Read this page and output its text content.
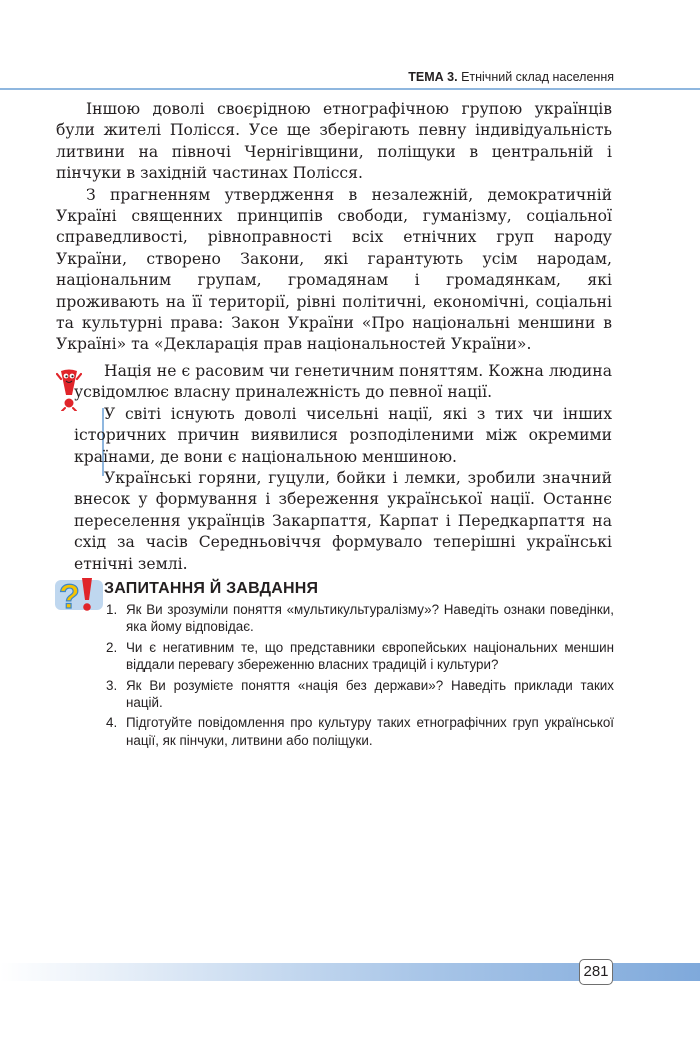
ТЕМА 3. Етнічний склад населення

Іншою доволі своєрідною етнографічною групою українців були жителі Полісся. Усе ще зберігають певну індивідуальність литвини на півночі Чернігівщини, поліщуки в центральній і пінчуки в західній частинах Полісся.

З прагненням утвердження в незалежній, демократичній Україні священних принципів свободи, гуманізму, соціальної справедливості, рівноправності всіх етнічних груп народу України, створено Закони, які гарантують усім народам, національним групам, громадянам і громадянкам, які проживають на її території, рівні політичні, економічні, соціальні та культурні права: Закон України «Про національні меншини в Україні» та «Декларація прав національностей України».

Нація не є расовим чи генетичним поняттям. Кожна людина усвідомлює власну приналежність до певної нації.

У світі існують доволі чисельні нації, які з тих чи інших історичних причин виявилися розподіленими між окремими країнами, де вони є національною меншиною.

Українські горяни, гуцули, бойки і лемки, зробили значний внесок у формування і збереження української нації. Останнє переселення українців Закарпаття, Карпат і Передкарпаття на схід за часів Середньовіччя формувало теперішні українські етнічні землі.

? ЗАПИТАННЯ Й ЗАВДАННЯ
1. Як Ви зрозуміли поняття «мультикультуралізму»? Наведіть ознаки поведінки, яка йому відповідає.
2. Чи є негативним те, що представники європейських національних меншин віддали перевагу збереженню власних традицій і культури?
3. Як Ви розумієте поняття «нація без держави»? Наведіть приклади таких націй.
4. Підготуйте повідомлення про культуру таких етнографічних груп української нації, як пінчуки, литвини або поліщуки.
281
